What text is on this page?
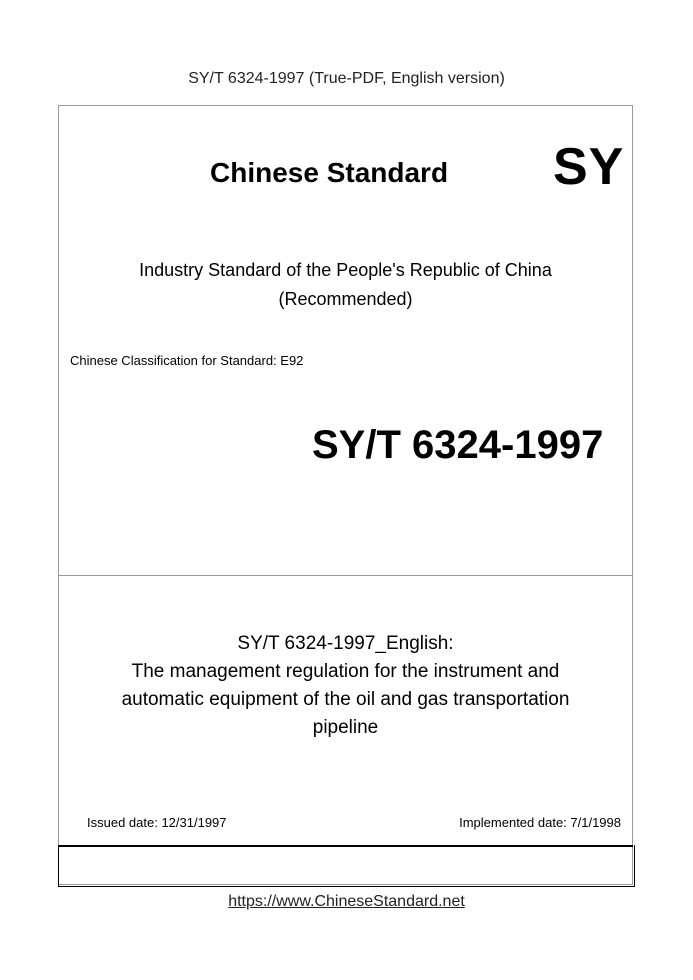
SY/T 6324-1997 (True-PDF, English version)
Chinese Standard SY
Industry Standard of the People's Republic of China
(Recommended)
Chinese Classification for Standard: E92
SY/T 6324-1997
SY/T 6324-1997_English:
The management regulation for the instrument and
automatic equipment of the oil and gas transportation
pipeline
Issued date: 12/31/1997	Implemented date: 7/1/1998
https://www.ChineseStandard.net
